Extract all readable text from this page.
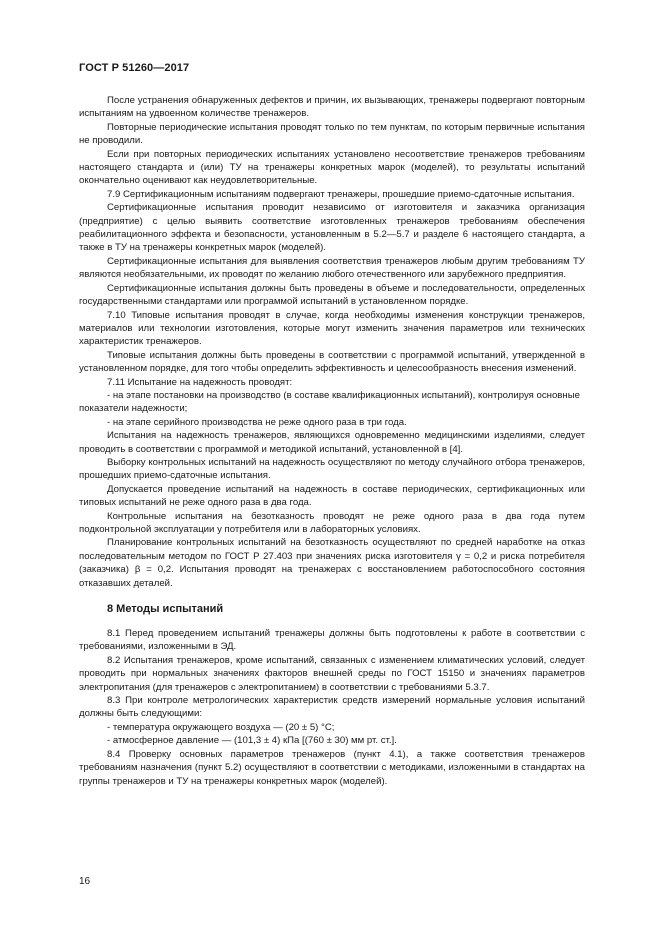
ГОСТ Р 51260—2017

После устранения обнаруженных дефектов и причин, их вызывающих, тренажеры подвергают повторным испытаниям на удвоенном количестве тренажеров.

Повторные периодические испытания проводят только по тем пунктам, по которым первичные испытания не проводили.

Если при повторных периодических испытаниях установлено несоответствие тренажеров требованиям настоящего стандарта и (или) ТУ на тренажеры конкретных марок (моделей), то результаты испытаний окончательно оценивают как неудовлетворительные.

7.9 Сертификационным испытаниям подвергают тренажеры, прошедшие приемо-сдаточные испытания.

Сертификационные испытания проводит независимо от изготовителя и заказчика организация (предприятие) с целью выявить соответствие изготовленных тренажеров требованиям обеспечения реабилитационного эффекта и безопасности, установленным в 5.2—5.7 и разделе 6 настоящего стандарта, а также в ТУ на тренажеры конкретных марок (моделей).

Сертификационные испытания для выявления соответствия тренажеров любым другим требованиям ТУ являются необязательными, их проводят по желанию любого отечественного или зарубежного предприятия.

Сертификационные испытания должны быть проведены в объеме и последовательности, определенных государственными стандартами или программой испытаний в установленном порядке.

7.10 Типовые испытания проводят в случае, когда необходимы изменения конструкции тренажеров, материалов или технологии изготовления, которые могут изменить значения параметров или технических характеристик тренажеров.

Типовые испытания должны быть проведены в соответствии с программой испытаний, утвержденной в установленном порядке, для того чтобы определить эффективность и целесообразность внесения изменений.

7.11 Испытание на надежность проводят:

- на этапе постановки на производство (в составе квалификационных испытаний), контролируя основные показатели надежности;

- на этапе серийного производства не реже одного раза в три года.

Испытания на надежность тренажеров, являющихся одновременно медицинскими изделиями, следует проводить в соответствии с программой и методикой испытаний, установленной в [4].

Выборку контрольных испытаний на надежность осуществляют по методу случайного отбора тренажеров, прошедших приемо-сдаточные испытания.

Допускается проведение испытаний на надежность в составе периодических, сертификационных или типовых испытаний не реже одного раза в два года.

Контрольные испытания на безотказность проводят не реже одного раза в два года путем подконтрольной эксплуатации у потребителя или в лабораторных условиях.

Планирование контрольных испытаний на безотказность осуществляют по средней наработке на отказ последовательным методом по ГОСТ Р 27.403 при значениях риска изготовителя γ = 0,2 и риска потребителя (заказчика) β = 0,2. Испытания проводят на тренажерах с восстановлением работоспособного состояния отказавших деталей.

8 Методы испытаний

8.1 Перед проведением испытаний тренажеры должны быть подготовлены к работе в соответствии с требованиями, изложенными в ЭД.

8.2 Испытания тренажеров, кроме испытаний, связанных с изменением климатических условий, следует проводить при нормальных значениях факторов внешней среды по ГОСТ 15150 и значениях параметров электропитания (для тренажеров с электропитанием) в соответствии с требованиями 5.3.7.

8.3 При контроле метрологических характеристик средств измерений нормальные условия испытаний должны быть следующими:

- температура окружающего воздуха — (20 ± 5) °С;

- атмосферное давление — (101,3 ± 4) кПа [(760 ± 30) мм рт. ст.].

8.4 Проверку основных параметров тренажеров (пункт 4.1), а также соответствия тренажеров требованиям назначения (пункт 5.2) осуществляют в соответствии с методиками, изложенными в стандартах на группы тренажеров и ТУ на тренажеры конкретных марок (моделей).

16
